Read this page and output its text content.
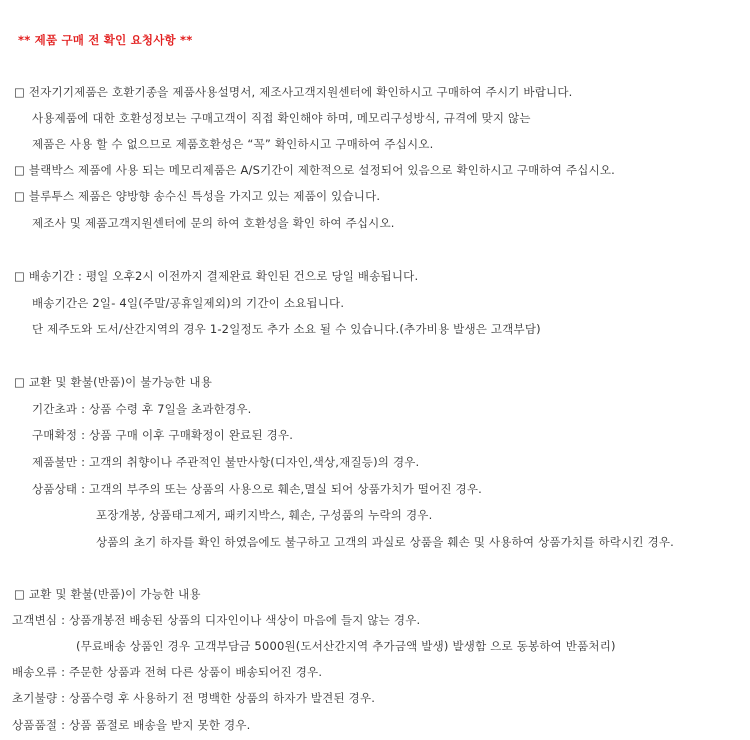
** 제품 구매 전 확인 요청사항 **
□ 전자기기제품은 호환기종을 제품사용설명서, 제조사고객지원센터에 확인하시고 구매하여 주시기 바랍니다.
사용제품에 대한 호환성정보는 구매고객이 직접 확인해야 하며, 메모리구성방식, 규격에 맞지 않는
제품은 사용 할 수 없으므로 제품호환성은 “꼭” 확인하시고 구매하여 주십시오.
□ 블랙박스 제품에 사용 되는 메모리제품은 A/S기간이 제한적으로 설정되어 있음으로 확인하시고 구매하여 주십시오.
□ 블루투스 제품은 양방향 송수신 특성을 가지고 있는 제품이 있습니다.
제조사 및 제품고객지원센터에 문의 하여 호환성을 확인 하여 주십시오.
□ 배송기간 : 평일 오후2시 이전까지 결제완료 확인된 건으로 당일 배송됩니다.
배송기간은 2일- 4일(주말/공휴일제외)의 기간이 소요됩니다.
단 제주도와 도서/산간지역의 경우 1-2일정도 추가 소요 될 수 있습니다.(추가비용 발생은 고객부담)
□ 교환 및 환불(반품)이 불가능한 내용
기간초과 : 상품 수령 후 7일을 초과한경우.
구매확정 : 상품 구매 이후 구매확정이 완료된 경우.
제품불만 : 고객의 취향이나 주관적인 불만사항(디자인,색상,재질등)의 경우.
상품상태 : 고객의 부주의 또는 상품의 사용으로 훼손,멸실 되어 상품가치가 떨어진 경우.
포장개봉, 상품태그제거, 패키지박스, 훼손, 구성품의 누락의 경우.
상품의 초기 하자를 확인 하였음에도 불구하고 고객의 과실로 상품을 훼손 및 사용하여 상품가치를 하락시킨 경우.
□ 교환 및 환불(반품)이 가능한 내용
고객변심 : 상품개봉전 배송된 상품의 디자인이나 색상이 마음에 들지 않는 경우.
(무료배송 상품인 경우 고객부담금 5000원(도서산간지역 추가금액 발생) 발생함 으로 동봉하여 반품처리)
배송오류 : 주문한 상품과 전혀 다른 상품이 배송되어진 경우.
초기불량 : 상품수령 후 사용하기 전 명백한 상품의 하자가 발견된 경우.
상품품절 : 상품 품절로 배송을 받지 못한 경우.
